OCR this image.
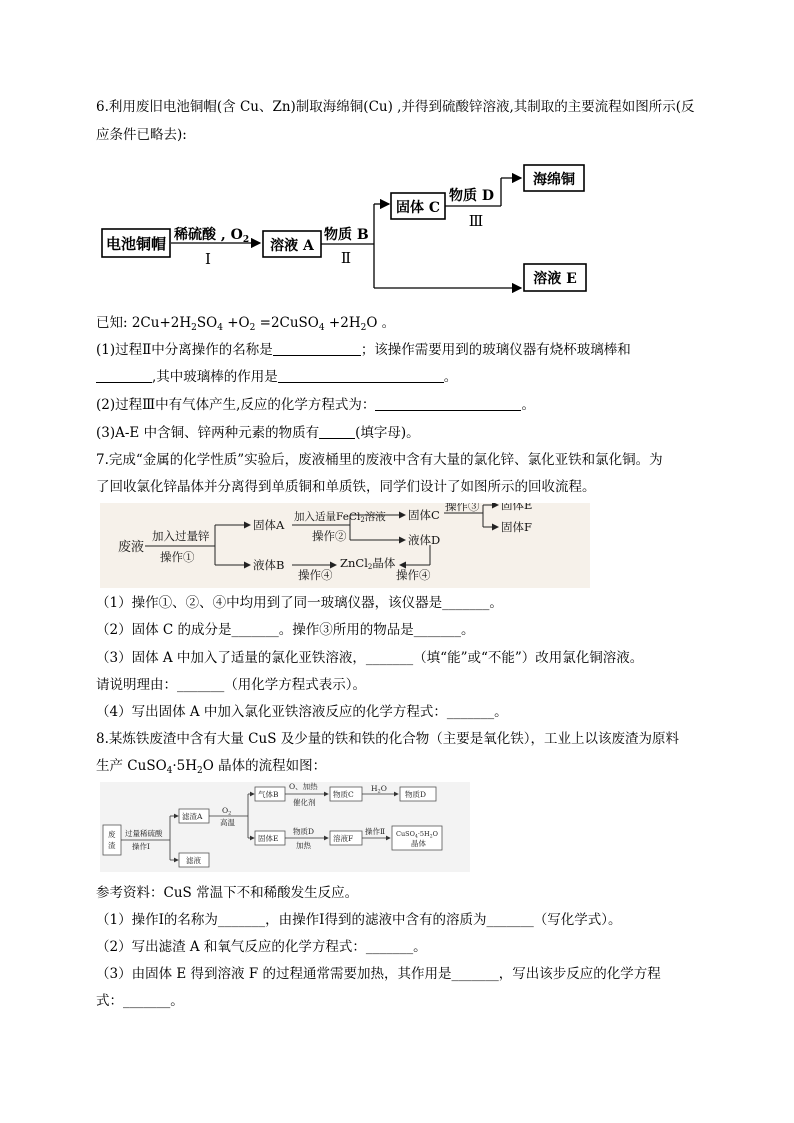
6.利用废旧电池铜帽(含 Cu、Zn)制取海绵铜(Cu) ,并得到硫酸锌溶液,其制取的主要流程如图所示(反
应条件已略去):
电池铜帽 稀硫酸 , $O_2$
Ⅰ
溶液 A
物质 B
Ⅱ
固体 C
物质 D
Ⅲ
海绵铜
溶液 E
已知: $2Cu+2H_2SO_4 +O_2$ =2CuSO$_4$ $+2H_2O$ 。
(1)过程Ⅱ中分离操作的名称是	；该操作需要用到的玻璃仪器有烧杯玻璃棒和
,其中玻璃棒的作用是	。
(2)过程Ⅲ中有气体产生,反应的化学方程式为：	。
(3)A-E 中含铜、锌两种元素的物质有	(填字母)。
7.完成“金属的化学性质”实验后，废液桶里的废液中含有大量的氯化锌、氯化亚铁和氯化铜。为
了回收氯化锌晶体并分离得到单质铜和单质铁，同学们设计了如图所示的回收流程。
废液
加入过量锌
操作①
固体A
液体B
加入适量FeCl2溶液
操作②
固体C
液体D
操作③ 固体E
固体F
操作④
ZnCl2晶体
操作④
（1）操作①、②、④中均用到了同一玻璃仪器，该仪器是_______。
（2）固体 C 的成分是_______。操作③所用的物品是_______。
（3）固体 A 中加入了适量的氯化亚铁溶液，_______（填“能”或“不能”）改用氯化铜溶液。
请说明理由：_______（用化学方程式表示）。
（4）写出固体 A 中加入氯化亚铁溶液反应的化学方程式：_______。
8.某炼铁废渣中含有大量 CuS 及少量的铁和铁的化合物（主要是氧化铁），工业上以该废渣为原料
生产 $CuSO_4\cdot 5H_2O$ 晶体的流程如图：
废
渣
过量稀硫酸
操作Ⅰ
滤渣A
滤液
$O_2$
高温
气体B
O、加热
催化剂
物质C
$H_2O$
物质D
固体E
物质D
加热
溶液F
操作Ⅱ $CuSO_4\cdot 5H_2O$
晶体
参考资料：CuS 常温下不和稀酸发生反应。
（1）操作Ⅰ的名称为_______，由操作Ⅰ得到的滤液中含有的溶质为_______（写化学式）。
（2）写出滤渣 A 和氧气反应的化学方程式：_______。
（3）由固体 E 得到溶液 F 的过程通常需要加热，其作用是_______，写出该步反应的化学方程
式：_______。
